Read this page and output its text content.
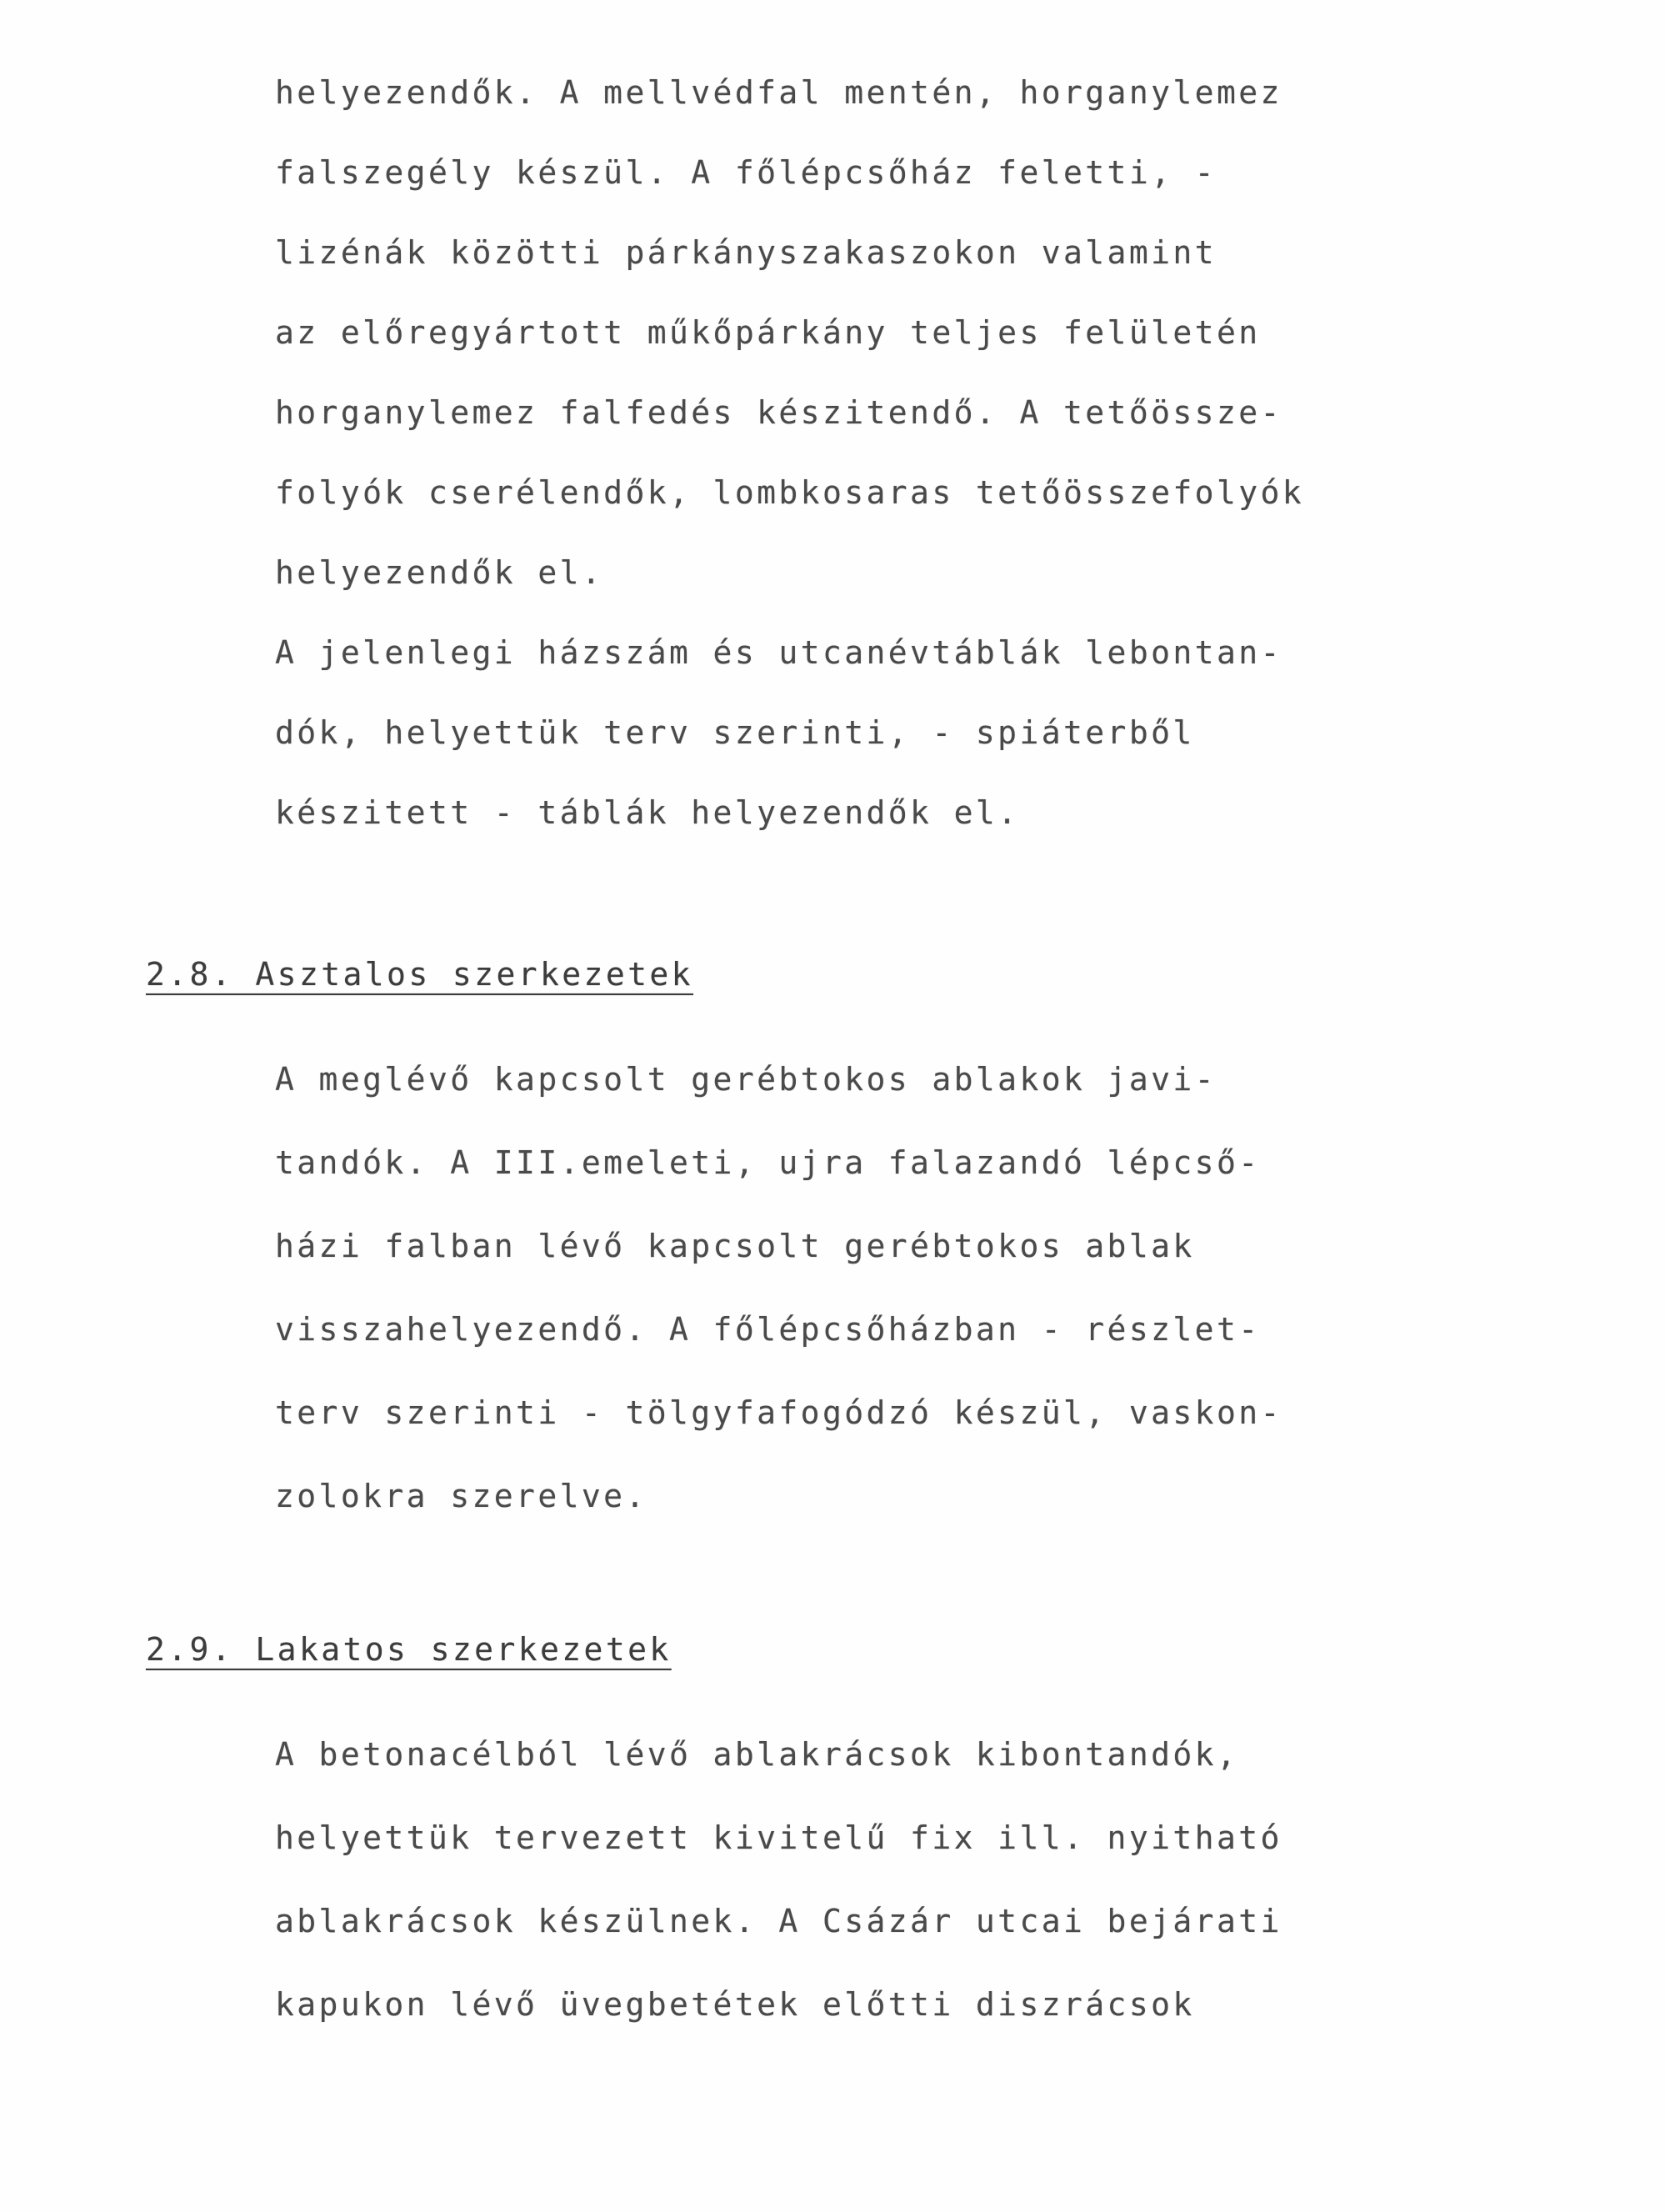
helyezendők. A mellvédfal mentén, horganylemez

falszegély készül. A főlépcsőház feletti, -

lizénák közötti párkányszakaszokon valamint

az előregyártott műkőpárkány teljes felületén

horganylemez falfedés készitendő. A tetőössze-

folyók cserélendők, lombkosaras tetőösszefolyók

helyezendők el.

A jelenlegi házszám és utcanévtáblák lebontan-

dók, helyettük terv szerinti, - spiáterből

készitett - táblák helyezendők el.

2.8. Asztalos szerkezetek

A meglévő kapcsolt gerébtokos ablakok javi-

tandók. A III.emeleti, ujra falazandó lépcső-

házi falban lévő kapcsolt gerébtokos ablak

visszahelyezendő. A főlépcsőházban - részlet-

terv szerinti - tölgyfafogódzó készül, vaskon-

zolokra szerelve.

2.9. Lakatos szerkezetek

A betonacélból lévő ablakrácsok kibontandók,

helyettük tervezett kivitelű fix ill. nyitható

ablakrácsok készülnek. A Csázár utcai bejárati

kapukon lévő üvegbetétek előtti diszrácsok
